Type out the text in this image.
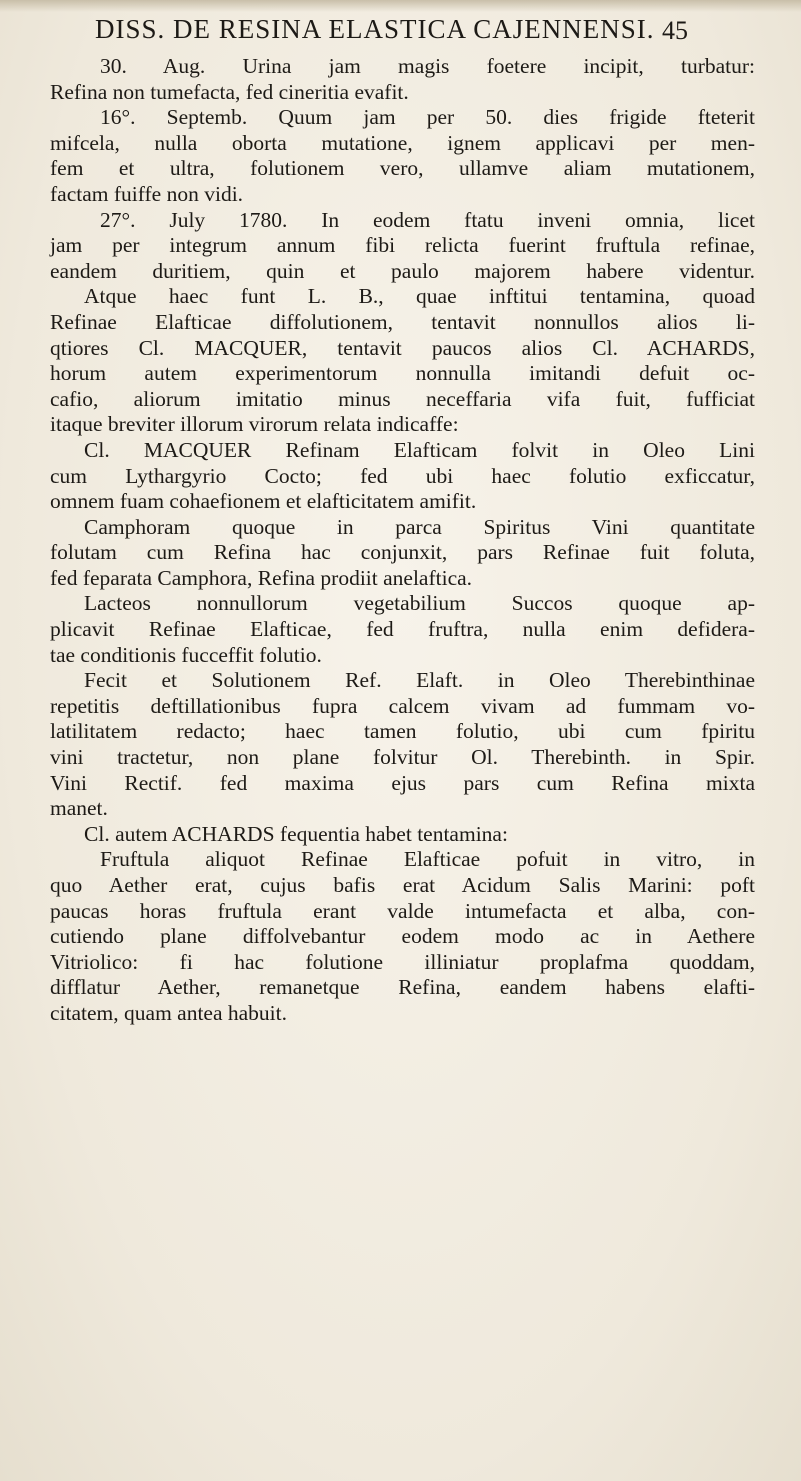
DISS. DE RESINA ELASTICA CAJENNENSI. 45
30. Aug. Urina jam magis foetere incipit, turbatur:
Refina non tumefacta, fed cineritia evafit.
16°. Septemb. Quum jam per 50. dies frigide fteterit
mifcela, nulla oborta mutatione, ignem applicavi per men-
fem et ultra, folutionem vero, ullamve aliam mutationem,
factam fuiffe non vidi.
27°. July 1780. In eodem ftatu inveni omnia, licet
jam per integrum annum fibi relicta fuerint fruftula refinae,
eandem duritiem, quin et paulo majorem habere videntur.
Atque haec funt L. B., quae inftitui tentamina, quoad
Refinae Elafticae diffolutionem, tentavit nonnullos alios li-
qtiores Cl. MACQUER, tentavit paucos alios Cl. ACHARDS,
horum autem experimentorum nonnulla imitandi defuit oc-
cafio, aliorum imitatio minus neceffaria vifa fuit, fufficiat
itaque breviter illorum virorum relata indicaffe:
Cl. MACQUER Refinam Elafticam folvit in Oleo Lini
cum Lythargyrio Cocto; fed ubi haec folutio exficcatur,
omnem fuam cohaefionem et elafticitatem amifit.
Camphoram quoque in parca Spiritus Vini quantitate
folutam cum Refina hac conjunxit, pars Refinae fuit foluta,
fed feparata Camphora, Refina prodiit anelaftica.
Lacteos nonnullorum vegetabilium Succos quoque ap-
plicavit Refinae Elafticae, fed fruftra, nulla enim defidera-
tae conditionis fucceffit folutio.
Fecit et Solutionem Ref. Elaft. in Oleo Therebinthinae
repetitis deftillationibus fupra calcem vivam ad fummam vo-
latilitatem redacto; haec tamen folutio, ubi cum fpiritu
vini tractetur, non plane folvitur Ol. Therebinth. in Spir.
Vini Rectif. fed maxima ejus pars cum Refina mixta
manet.
Cl. autem ACHARDS fequentia habet tentamina:
Fruftula aliquot Refinae Elafticae pofuit in vitro, in
quo Aether erat, cujus bafis erat Acidum Salis Marini: poft
paucas horas fruftula erant valde intumefacta et alba, con-
cutiendo plane diffolvebantur eodem modo ac in Aethere
Vitriolico: fi hac folutione illiniatur proplafma quoddam,
difflatur Aether, remanetque Refina, eandem habens elafti-
citatem, quam antea habuit.
